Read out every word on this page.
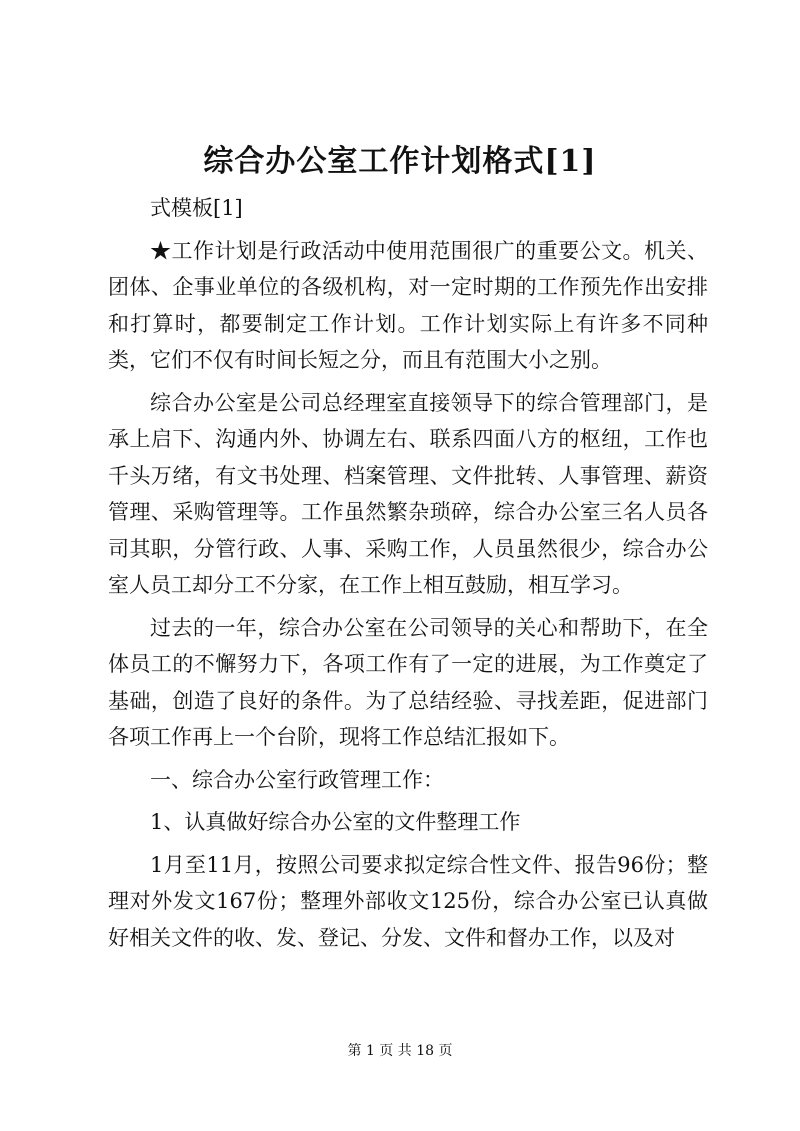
综合办公室工作计划格式[1]

式模板[1]

★工作计划是行政活动中使用范围很广的重要公文。机关、团体、企事业单位的各级机构，对一定时期的工作预先作出安排和打算时，都要制定工作计划。工作计划实际上有许多不同种类，它们不仅有时间长短之分，而且有范围大小之别。

综合办公室是公司总经理室直接领导下的综合管理部门，是承上启下、沟通内外、协调左右、联系四面八方的枢纽，工作也千头万绪，有文书处理、档案管理、文件批转、人事管理、薪资管理、采购管理等。工作虽然繁杂琐碎，综合办公室三名人员各司其职，分管行政、人事、采购工作，人员虽然很少，综合办公室人员工却分工不分家，在工作上相互鼓励，相互学习。

过去的一年，综合办公室在公司领导的关心和帮助下，在全体员工的不懈努力下，各项工作有了一定的进展，为工作奠定了基础，创造了良好的条件。为了总结经验、寻找差距，促进部门各项工作再上一个台阶，现将工作总结汇报如下。

一、综合办公室行政管理工作：

1、认真做好综合办公室的文件整理工作

1月至11月，按照公司要求拟定综合性文件、报告96份；整理对外发文167份；整理外部收文125份，综合办公室已认真做好相关文件的收、发、登记、分发、文件和督办工作，以及对

第 1 页 共 18 页
